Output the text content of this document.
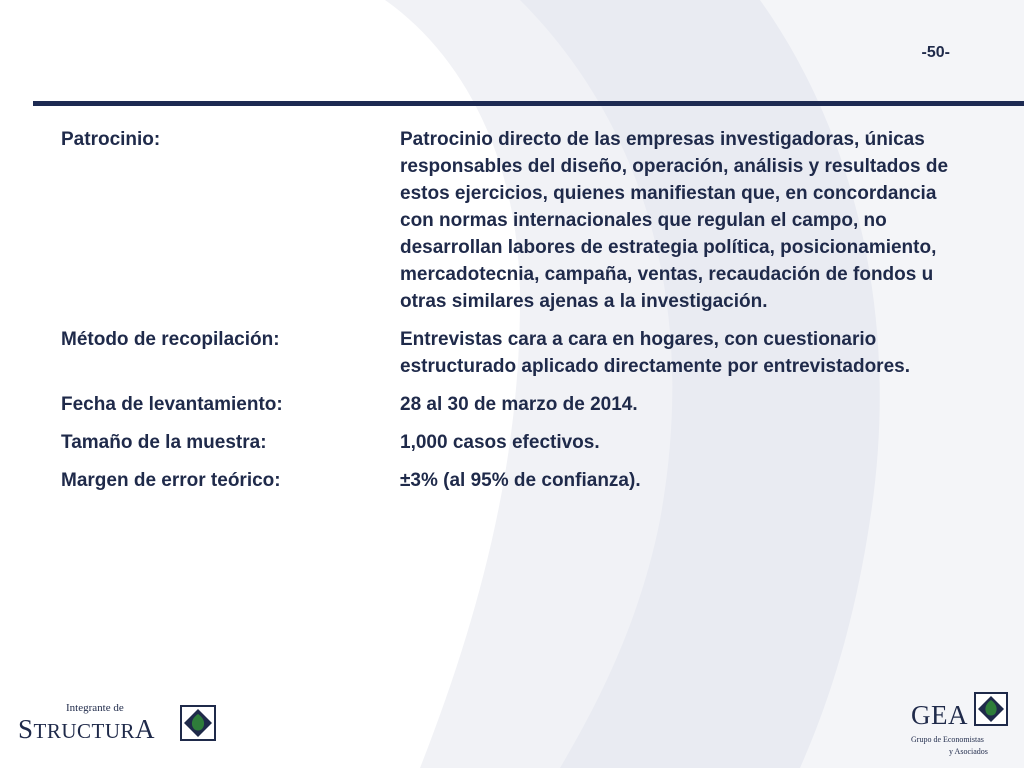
-50-
Patrocinio:	Patrocinio directo de las empresas investigadoras, únicas responsables del diseño, operación, análisis y resultados de estos ejercicios, quienes manifiestan que, en concordancia con normas internacionales que regulan el campo, no desarrollan labores de estrategia política, posicionamiento, mercadotecnia, campaña, ventas, recaudación de fondos u otras similares ajenas a la investigación.
Método de recopilación:	Entrevistas cara a cara en hogares, con cuestionario estructurado aplicado directamente por entrevistadores.
Fecha de levantamiento:	28 al 30 de marzo de 2014.
Tamaño de la muestra:	1,000 casos efectivos.
Margen de error teórico:	±3% (al 95% de confianza).
Integrante de
STRUCTURA	GEA
Grupo de Economistas
y Asociados
